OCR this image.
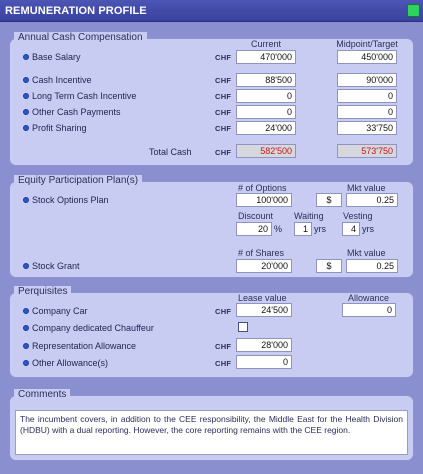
REMUNERATION PROFILE
Annual Cash Compensation
Current	Midpoint/Target
Base Salary	CHF	470'000	450'000
Cash Incentive	CHF	88'500	90'000
Long Term Cash Incentive	CHF	0	0
Other Cash Payments	CHF	0	0
Profit Sharing	CHF	24'000	33'750
Total Cash	CHF	582'500	573'750
Equity Participation Plan(s)
# of Options	Mkt value
Stock Options Plan	100'000	$	0.25
Discount Waiting Vesting
20 %	1 yrs	4 yrs
# of Shares	Mkt value
Stock Grant	20'000	$	0.25
Perquisites
Lease value	Allowance
Company Car	CHF	24'500	0
Company dedicated Chauffeur
Representation Allowance	CHF	28'000
Other Allowance(s)	CHF	0
Comments
The incumbent covers, in addition to the CEE responsibility, the Middle East for the Health Division (HDBU) with a dual reporting. However, the core reporting remains with the CEE region.
